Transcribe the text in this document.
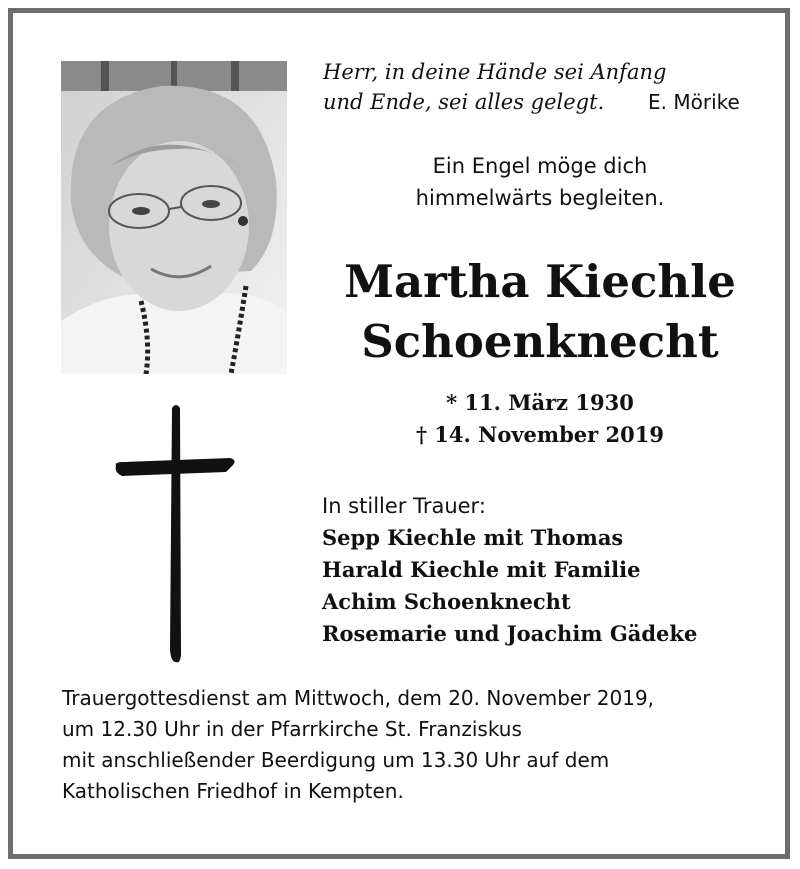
Herr, in deine Hände sei Anfang
und Ende, sei alles gelegt.	E. Mörike
Ein Engel möge dich
himmelwärts begleiten.
Martha Kiechle
Schoenknecht
* 11. März 1930
† 14. November 2019
In stiller Trauer:
Sepp Kiechle mit Thomas
Harald Kiechle mit Familie
Achim Schoenknecht
Rosemarie und Joachim Gädeke
Trauergottesdienst am Mittwoch, dem 20. November 2019,
um 12.30 Uhr in der Pfarrkirche St. Franziskus
mit anschließender Beerdigung um 13.30 Uhr auf dem
Katholischen Friedhof in Kempten.
